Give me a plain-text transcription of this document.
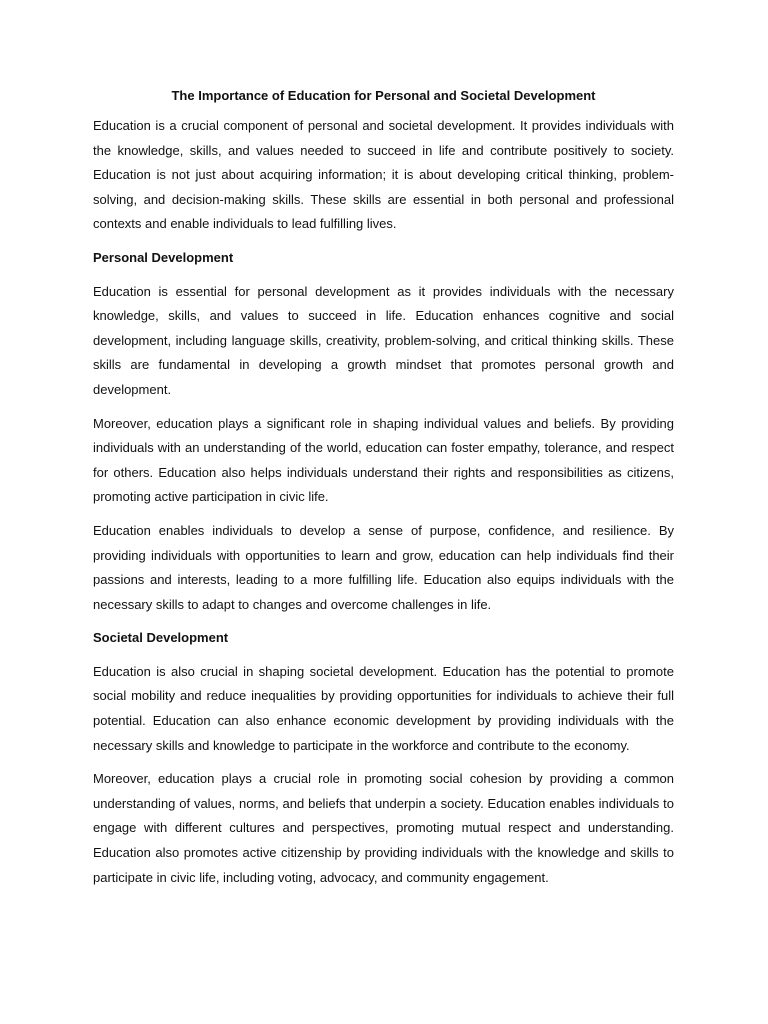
The Importance of Education for Personal and Societal Development

Education is a crucial component of personal and societal development. It provides individuals with the knowledge, skills, and values needed to succeed in life and contribute positively to society. Education is not just about acquiring information; it is about developing critical thinking, problem-solving, and decision-making skills. These skills are essential in both personal and professional contexts and enable individuals to lead fulfilling lives.

Personal Development

Education is essential for personal development as it provides individuals with the necessary knowledge, skills, and values to succeed in life. Education enhances cognitive and social development, including language skills, creativity, problem-solving, and critical thinking skills. These skills are fundamental in developing a growth mindset that promotes personal growth and development.

Moreover, education plays a significant role in shaping individual values and beliefs. By providing individuals with an understanding of the world, education can foster empathy, tolerance, and respect for others. Education also helps individuals understand their rights and responsibilities as citizens, promoting active participation in civic life.

Education enables individuals to develop a sense of purpose, confidence, and resilience. By providing individuals with opportunities to learn and grow, education can help individuals find their passions and interests, leading to a more fulfilling life. Education also equips individuals with the necessary skills to adapt to changes and overcome challenges in life.

Societal Development

Education is also crucial in shaping societal development. Education has the potential to promote social mobility and reduce inequalities by providing opportunities for individuals to achieve their full potential. Education can also enhance economic development by providing individuals with the necessary skills and knowledge to participate in the workforce and contribute to the economy.

Moreover, education plays a crucial role in promoting social cohesion by providing a common understanding of values, norms, and beliefs that underpin a society. Education enables individuals to engage with different cultures and perspectives, promoting mutual respect and understanding. Education also promotes active citizenship by providing individuals with the knowledge and skills to participate in civic life, including voting, advocacy, and community engagement.
